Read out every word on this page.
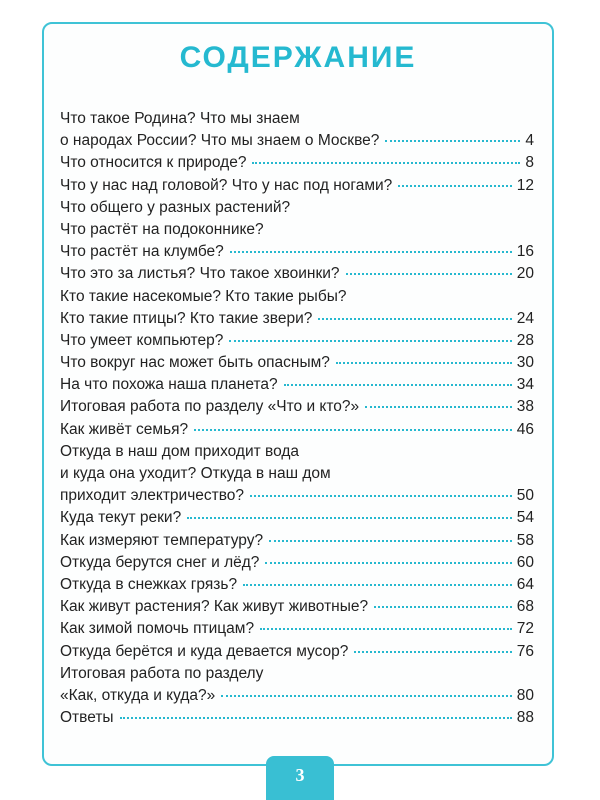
СОДЕРЖАНИЕ
Что такое Родина? Что мы знаем
о народах России? Что мы знаем о Москве?	4
Что относится к природе?	8
Что у нас над головой? Что у нас под ногами?	12
Что общего у разных растений?
Что растёт на подоконнике?
Что растёт на клумбе?	16
Что это за листья? Что такое хвоинки?	20
Кто такие насекомые? Кто такие рыбы?
Кто такие птицы? Кто такие звери?	24
Что умеет компьютер?	28
Что вокруг нас может быть опасным?	30
На что похожа наша планета?	34
Итоговая работа по разделу «Что и кто?»	38
Как живёт семья?	46
Откуда в наш дом приходит вода
и куда она уходит? Откуда в наш дом
приходит электричество?	50
Куда текут реки?	54
Как измеряют температуру?	58
Откуда берутся снег и лёд?	60
Откуда в снежках грязь?	64
Как живут растения? Как живут животные?	68
Как зимой помочь птицам?	72
Откуда берётся и куда девается мусор?	76
Итоговая работа по разделу
«Как, откуда и куда?»	80
Ответы	88
3
